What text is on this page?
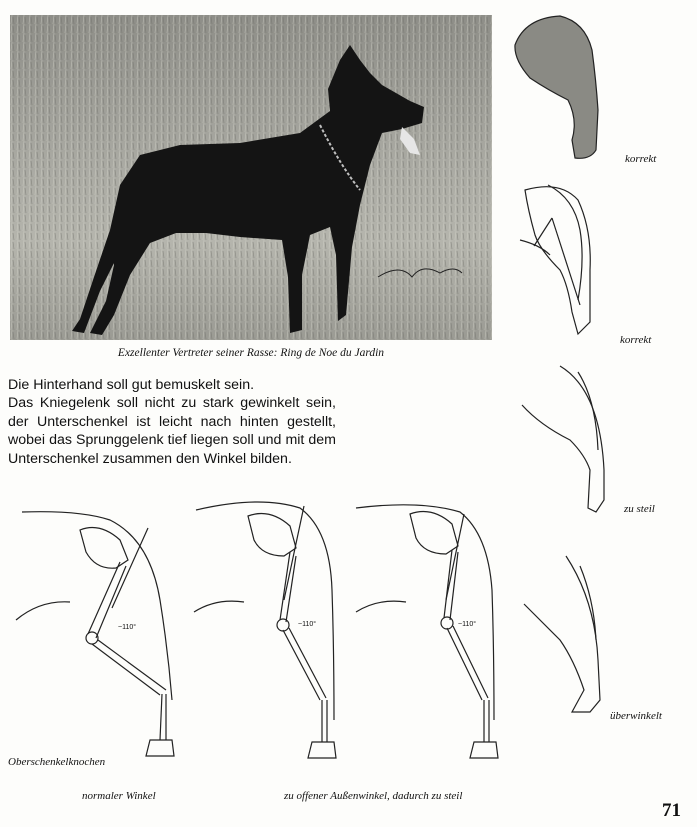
Exzellenter Vertreter seiner Rasse: Ring de Noe du Jardin

Die Hinterhand soll gut bemuskelt sein.

Das Kniegelenk soll nicht zu stark gewinkelt sein, der Unterschenkel ist leicht nach hinten gestellt, wobei das Sprunggelenk tief liegen soll und mit dem Unterschenkel zusammen den Winkel bilden.

korrekt
korrekt
zu steil
überwinkelt
~110°	~110°	~110°
Oberschenkelknochen
normaler Winkel	zu offener Außenwinkel, dadurch zu steil
71
